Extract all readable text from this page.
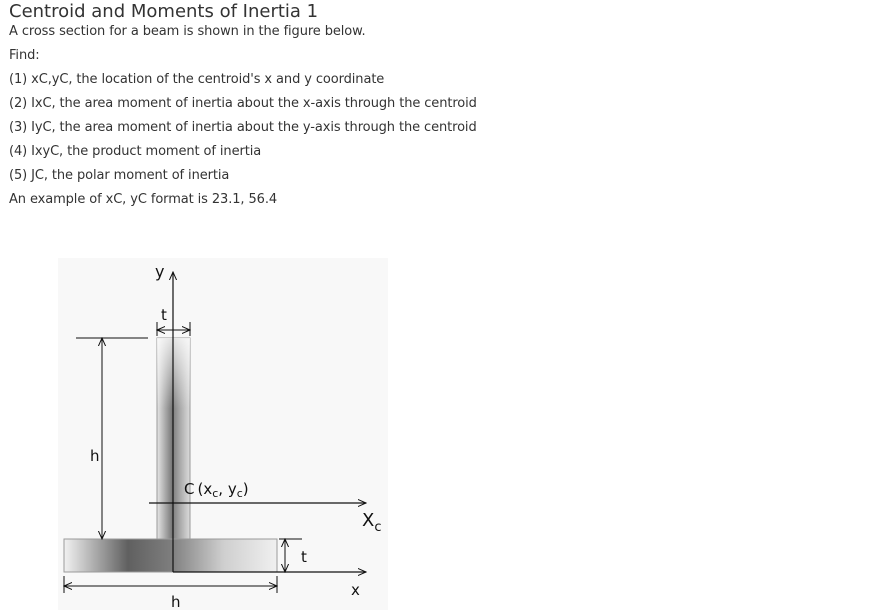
Centroid and Moments of Inertia 1
A cross section for a beam is shown in the figure below.
Find:
(1) xC,yC, the location of the centroid's x and y coordinate
(2) IxC, the area moment of inertia about the x-axis through the centroid
(3) IyC, the area moment of inertia about the y-axis through the centroid
(4) IxyC, the product moment of inertia
(5) JC, the polar moment of inertia
An example of xC, yC format is 23.1, 56.4
y
x
$X_c$
C ($x_c$, $y_c$)
t
h
t
h
